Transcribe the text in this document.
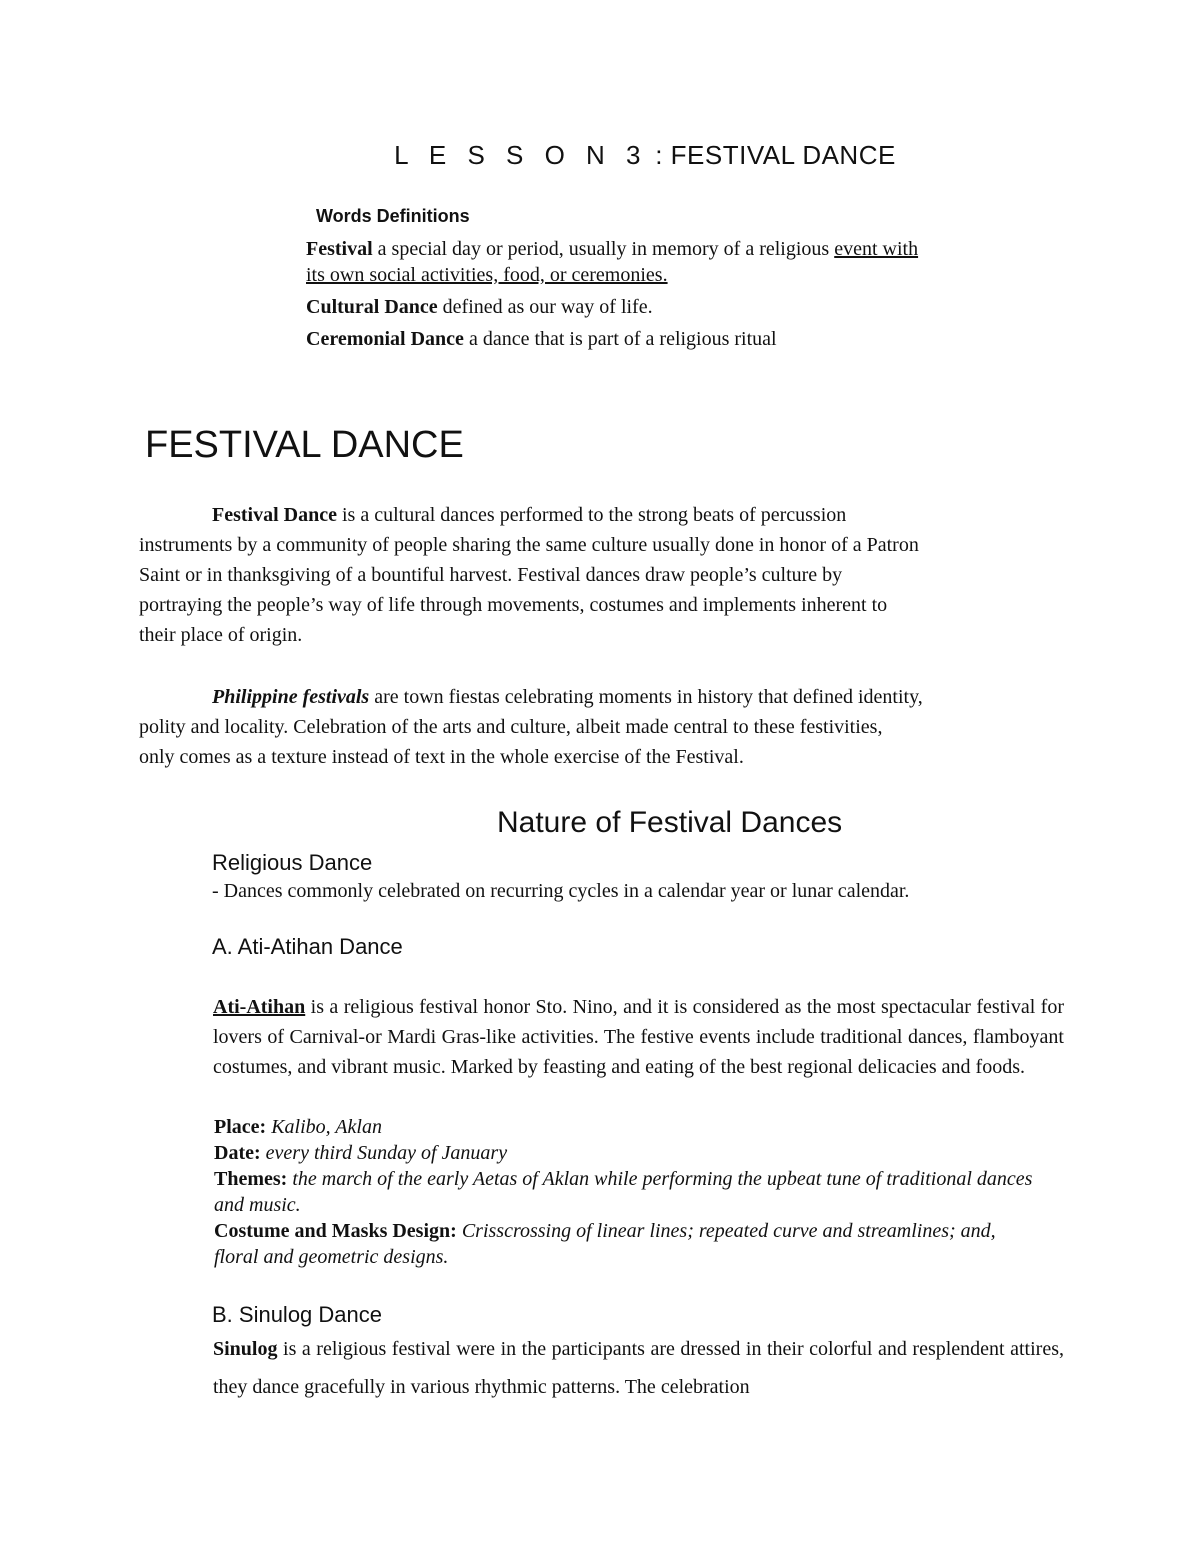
L E S S O N 3 : FESTIVAL DANCE
Words Definitions
Festival a special day or period, usually in memory of a religious event with
its own social activities, food, or ceremonies.
Cultural Dance defined as our way of life.
Ceremonial Dance a dance that is part of a religious ritual
FESTIVAL DANCE
Festival Dance is a cultural dances performed to the strong beats of percussion
instruments by a community of people sharing the same culture usually done in honor of a Patron
Saint or in thanksgiving of a bountiful harvest. Festival dances draw people’s culture by
portraying the people’s way of life through movements, costumes and implements inherent to
their place of origin.
Philippine festivals are town fiestas celebrating moments in history that defined identity,
polity and locality. Celebration of the arts and culture, albeit made central to these festivities,
only comes as a texture instead of text in the whole exercise of the Festival.
Nature of Festival Dances
Religious Dance
- Dances commonly celebrated on recurring cycles in a calendar year or lunar calendar.
A. Ati-Atihan Dance
Ati-Atihan is a religious festival honor Sto. Nino, and it is considered as the most spectacular festival for lovers of Carnival-or Mardi Gras-like activities. The festive events include traditional dances, flamboyant costumes, and vibrant music. Marked by feasting and eating of the best regional delicacies and foods.
Place: Kalibo, Aklan
Date: every third Sunday of January
Themes: the march of the early Aetas of Aklan while performing the upbeat tune of traditional dances and music.
Costume and Masks Design: Crisscrossing of linear lines; repeated curve and streamlines; and, floral and geometric designs.
B. Sinulog Dance
Sinulog is a religious festival were in the participants are dressed in their colorful and resplendent attires, they dance gracefully in various rhythmic patterns. The celebration
